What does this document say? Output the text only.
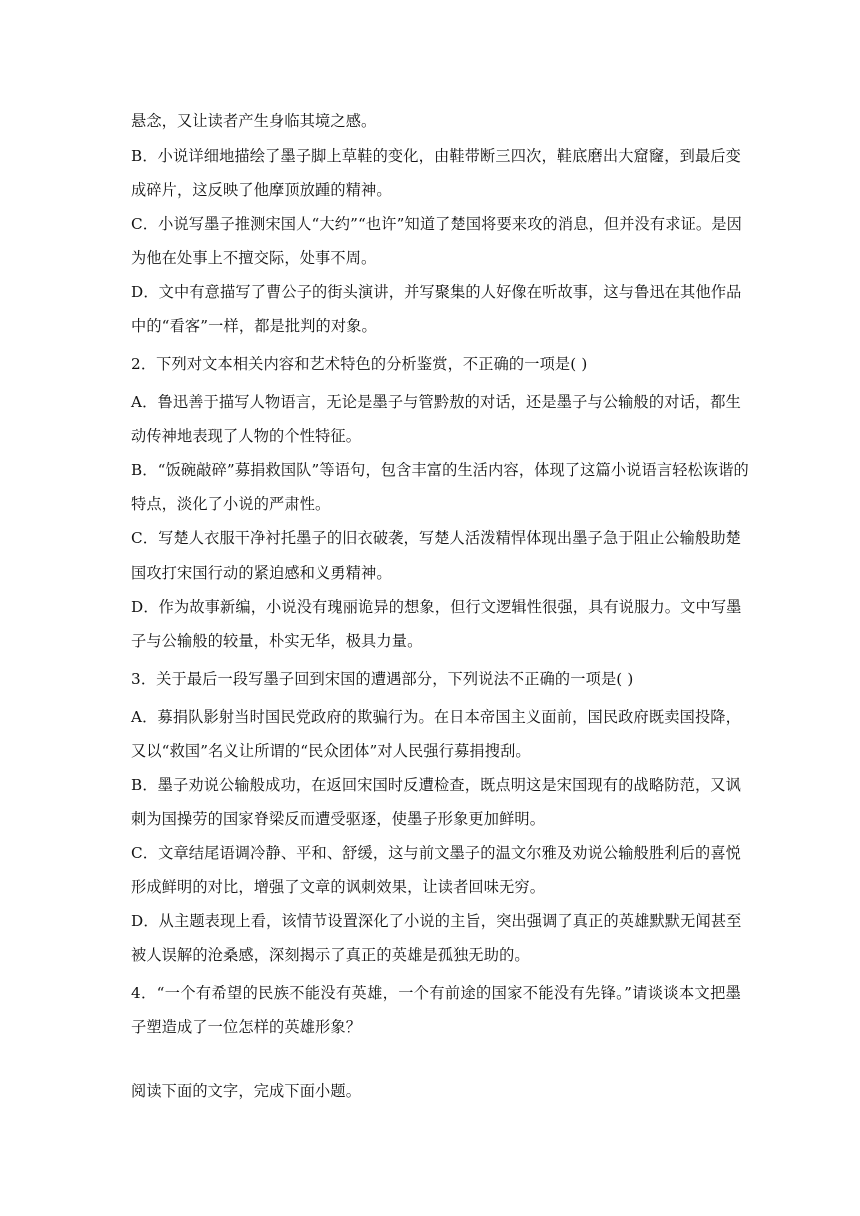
悬念，又让读者产生身临其境之感。
B．小说详细地描绘了墨子脚上草鞋的变化，由鞋带断三四次，鞋底磨出大窟窿，到最后变
成碎片，这反映了他摩顶放踵的精神。
C．小说写墨子推测宋国人“大约”“也许”知道了楚国将要来攻的消息，但并没有求证。是因
为他在处事上不擅交际，处事不周。
D．文中有意描写了曹公子的街头演讲，并写聚集的人好像在听故事，这与鲁迅在其他作品
中的“看客”一样，都是批判的对象。
2．下列对文本相关内容和艺术特色的分析鉴赏，不正确的一项是( )
A．鲁迅善于描写人物语言，无论是墨子与管黔敖的对话，还是墨子与公输般的对话，都生
动传神地表现了人物的个性特征。
B．“饭碗敲碎”募捐救国队”等语句，包含丰富的生活内容，体现了这篇小说语言轻松诙谐的
特点，淡化了小说的严肃性。
C．写楚人衣服干净衬托墨子的旧衣破袭，写楚人活泼精悍体现出墨子急于阻止公输般助楚
国攻打宋国行动的紧迫感和义勇精神。
D．作为故事新编，小说没有瑰丽诡异的想象，但行文逻辑性很强，具有说服力。文中写墨
子与公输般的较量，朴实无华，极具力量。
3．关于最后一段写墨子回到宋国的遭遇部分，下列说法不正确的一项是( )
A．募捐队影射当时国民党政府的欺骗行为。在日本帝国主义面前，国民政府既卖国投降，
又以“救国”名义让所谓的“民众团体”对人民强行募捐搜刮。
B．墨子劝说公输般成功，在返回宋国时反遭检查，既点明这是宋国现有的战略防范，又讽
刺为国操劳的国家脊梁反而遭受驱逐，使墨子形象更加鲜明。
C．文章结尾语调冷静、平和、舒缓，这与前文墨子的温文尔雅及劝说公输般胜利后的喜悦
形成鲜明的对比，增强了文章的讽刺效果，让读者回味无穷。
D．从主题表现上看，该情节设置深化了小说的主旨，突出强调了真正的英雄默默无闻甚至
被人误解的沧桑感，深刻揭示了真正的英雄是孤独无助的。
4．“一个有希望的民族不能没有英雄，一个有前途的国家不能没有先锋。”请谈谈本文把墨
子塑造成了一位怎样的英雄形象？
阅读下面的文字，完成下面小题。
